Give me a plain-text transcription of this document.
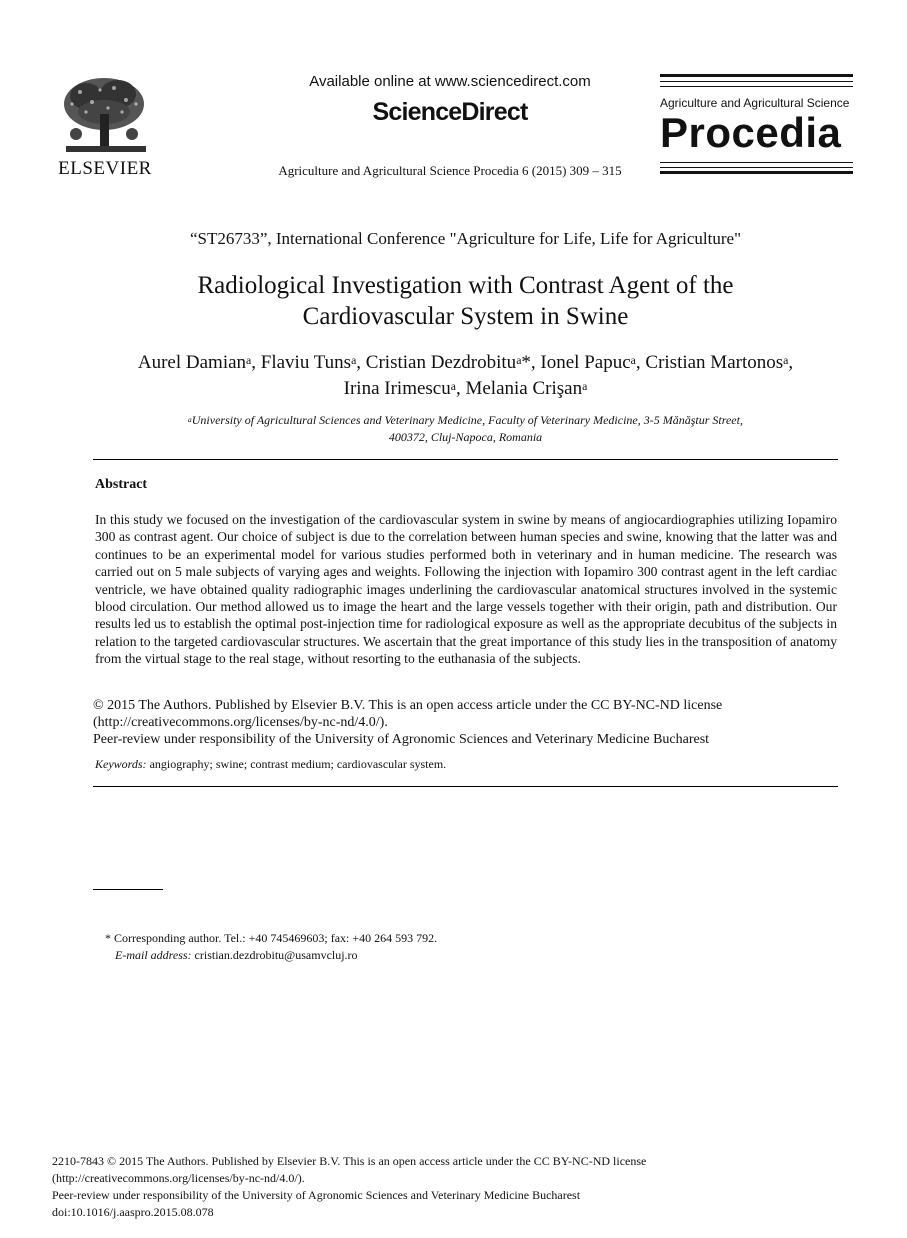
ELSEVIER
Available online at www.sciencedirect.com
ScienceDirect
Agriculture and Agricultural Science Procedia 6 (2015) 309 – 315
Agriculture and Agricultural Science
Procedia
“ST26733”, International Conference "Agriculture for Life, Life for Agriculture"
Radiological Investigation with Contrast Agent of the
Cardiovascular System in Swine
Aurel Damian$^a$, Flaviu Tuns$^a$, Cristian Dezdrobitu$^a$*, Ionel Papuc$^a$, Cristian Martonos$^a$,
Irina Irimescu$^a$, Melania Crişan$^a$
$^a$University of Agricultural Sciences and Veterinary Medicine, Faculty of Veterinary Medicine, 3-5 Mănăştur Street,
400372, Cluj-Napoca, Romania
Abstract
In this study we focused on the investigation of the cardiovascular system in swine by means of angiocardiographies utilizing Iopamiro 300 as contrast agent. Our choice of subject is due to the correlation between human species and swine, knowing that the latter was and continues to be an experimental model for various studies performed both in veterinary and in human medicine. The research was carried out on 5 male subjects of varying ages and weights. Following the injection with Iopamiro 300 contrast agent in the left cardiac ventricle, we have obtained quality radiographic images underlining the cardiovascular anatomical structures involved in the systemic blood circulation. Our method allowed us to image the heart and the large vessels together with their origin, path and distribution. Our results led us to establish the optimal post-injection time for radiological exposure as well as the appropriate decubitus of the subjects in relation to the targeted cardiovascular structures. We ascertain that the great importance of this study lies in the transposition of anatomy from the virtual stage to the real stage, without resorting to the euthanasia of the subjects.
© 2015 The Authors. Published by Elsevier B.V. This is an open access article under the CC BY-NC-ND license
(http://creativecommons.org/licenses/by-nc-nd/4.0/).
Peer-review under responsibility of the University of Agronomic Sciences and Veterinary Medicine Bucharest
Keywords: angiography; swine; contrast medium; cardiovascular system.
* Corresponding author. Tel.: +40 745469603; fax: +40 264 593 792.
E-mail address: cristian.dezdrobitu@usamvcluj.ro
2210-7843 © 2015 The Authors. Published by Elsevier B.V. This is an open access article under the CC BY-NC-ND license
(http://creativecommons.org/licenses/by-nc-nd/4.0/).
Peer-review under responsibility of the University of Agronomic Sciences and Veterinary Medicine Bucharest
doi:10.1016/j.aaspro.2015.08.078
